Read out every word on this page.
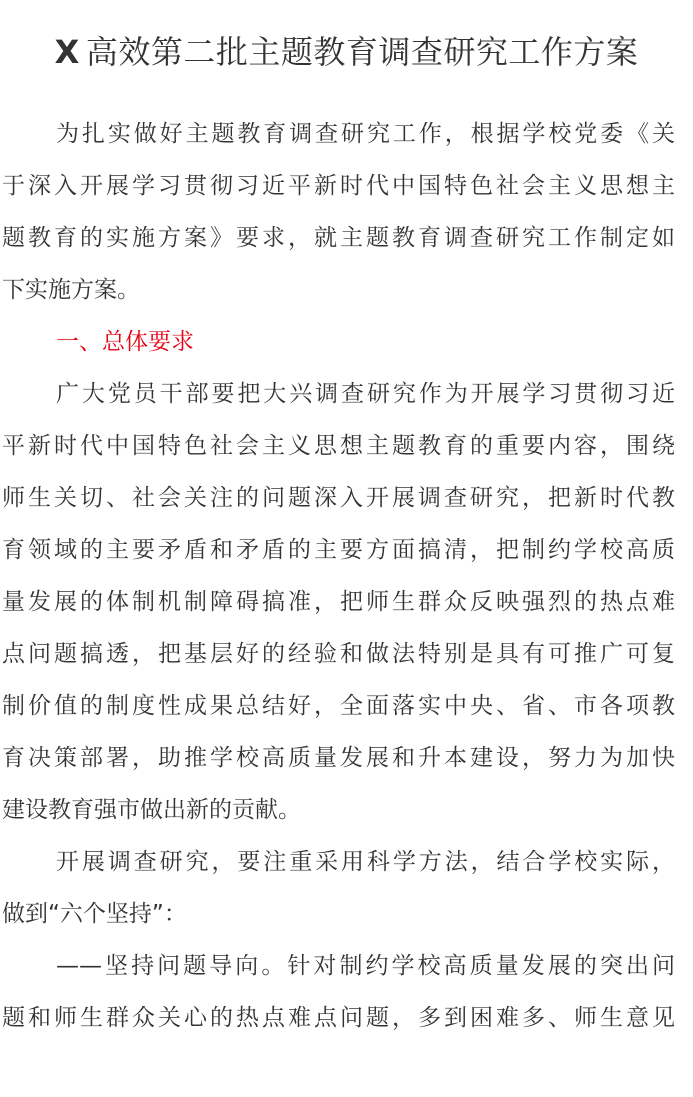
X 高效第二批主题教育调查研究工作方案
为扎实做好主题教育调查研究工作，根据学校党委《关
于深入开展学习贯彻习近平新时代中国特色社会主义思想主
题教育的实施方案》要求，就主题教育调查研究工作制定如
下实施方案。
一、总体要求
广大党员干部要把大兴调查研究作为开展学习贯彻习近
平新时代中国特色社会主义思想主题教育的重要内容，围绕
师生关切、社会关注的问题深入开展调查研究，把新时代教
育领域的主要矛盾和矛盾的主要方面搞清，把制约学校高质
量发展的体制机制障碍搞准，把师生群众反映强烈的热点难
点问题搞透，把基层好的经验和做法特别是具有可推广可复
制价值的制度性成果总结好，全面落实中央、省、市各项教
育决策部署，助推学校高质量发展和升本建设，努力为加快
建设教育强市做出新的贡献。
开展调查研究，要注重采用科学方法，结合学校实际，
做到“六个坚持”：
——坚持问题导向。针对制约学校高质量发展的突出问
题和师生群众关心的热点难点问题，多到困难多、师生意见
